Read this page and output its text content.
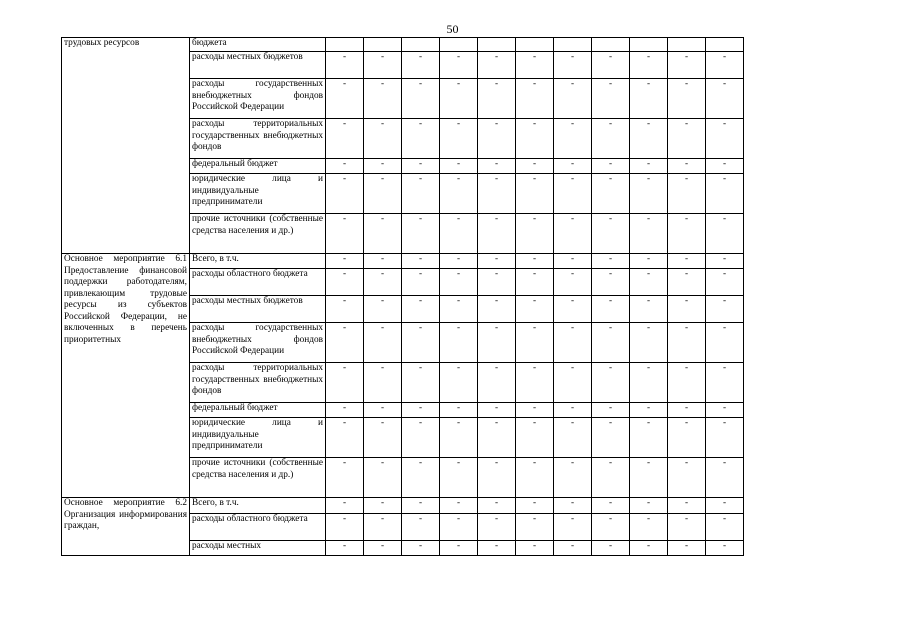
50
трудовых ресурсов	бюджета											
	расходы местных бюджетов	-	-	-	-	-	-	-	-	-	-	-
	расходы государственных внебюджетных фондов Российской Федерации	-	-	-	-	-	-	-	-	-	-	-
	расходы территориальных государственных внебюджетных фондов	-	-	-	-	-	-	-	-	-	-	-
	федеральный бюджет	-	-	-	-	-	-	-	-	-	-	-
	юридические лица и индивидуальные предприниматели	-	-	-	-	-	-	-	-	-	-	-
	прочие источники (собственные средства населения и др.)	-	-	-	-	-	-	-	-	-	-	-
Основное мероприятие 6.1 Предоставление финансовой поддержки работодателям, привлекающим трудовые ресурсы из субъектов Российской Федерации, не включенных в перечень приоритетных	Всего, в т.ч.	-	-	-	-	-	-	-	-	-	-	-
	расходы областного бюджета	-	-	-	-	-	-	-	-	-	-	-
	расходы местных бюджетов	-	-	-	-	-	-	-	-	-	-	-
	расходы государственных внебюджетных фондов Российской Федерации	-	-	-	-	-	-	-	-	-	-	-
	расходы территориальных государственных внебюджетных фондов	-	-	-	-	-	-	-	-	-	-	-
	федеральный бюджет	-	-	-	-	-	-	-	-	-	-	-
	юридические лица и индивидуальные предприниматели	-	-	-	-	-	-	-	-	-	-	-
	прочие источники (собственные средства населения и др.)	-	-	-	-	-	-	-	-	-	-	-
Основное мероприятие 6.2 Организация информирования граждан,	Всего, в т.ч.	-	-	-	-	-	-	-	-	-	-	-
	расходы областного бюджета	-	-	-	-	-	-	-	-	-	-	-
	расходы местных	-	-	-	-	-	-	-	-	-	-	-
